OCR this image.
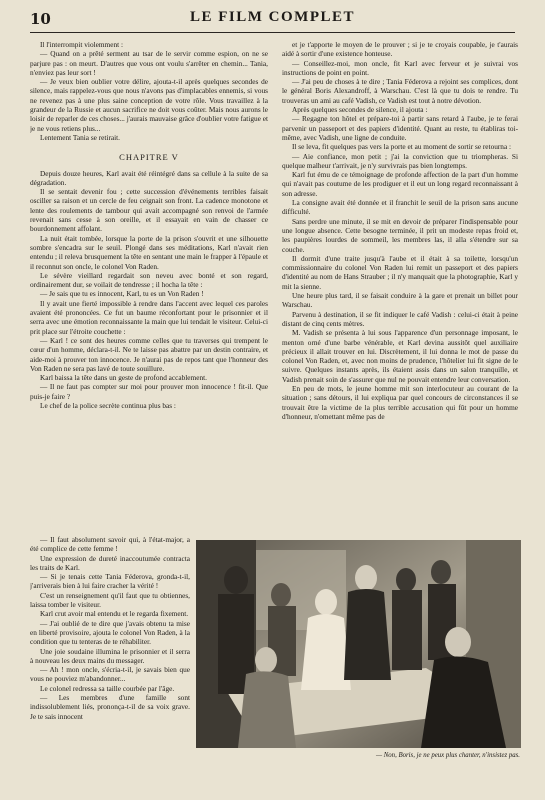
10	LE FILM COMPLET

Il l'interrompit violemment :

— Quand on a prêté serment au tsar de le servir comme espion, on ne se parjure pas : on meurt. D'autres que vous ont voulu s'arrêter en chemin... Tania, n'enviez pas leur sort !

— Je veux bien oublier votre délire, ajouta-t-il après quelques secondes de silence, mais rappelez-vous que nous n'avons pas d'implacables ennemis, si vous ne revenez pas à une plus saine conception de votre rôle. Vous travaillez à la grandeur de la Russie et aucun sacrifice ne doit vous coûter. Mais nous aurons le loisir de reparler de ces choses... j'aurais mauvaise grâce d'oublier votre fatigue et je ne vous retiens plus...

Lentement Tania se retirait.

CHAPITRE V

Depuis douze heures, Karl avait été réintégré dans sa cellule à la suite de sa dégradation.

Il se sentait devenir fou ; cette succession d'événements terribles faisait osciller sa raison et un cercle de feu ceignait son front. La cadence monotone et lente des roulements de tambour qui avait accompagné son renvoi de l'armée revenait sans cesse à son oreille, et il essayait en vain de chasser ce bourdonnement affolant.

La nuit était tombée, lorsque la porte de la prison s'ouvrit et une silhouette sombre s'encadra sur le seuil. Plongé dans ses méditations, Karl n'avait rien entendu ; il releva brusquement la tête en sentant une main le frapper à l'épaule et il reconnut son oncle, le colonel Von Raden.

Le sévère vieillard regardait son neveu avec bonté et son regard, ordinairement dur, se voilait de tendresse ; il hocha la tête :

— Je sais que tu es innocent, Karl, tu es un Von Raden !

Il y avait une fierté impossible à rendre dans l'accent avec lequel ces paroles avaient été prononcées. Ce fut un baume réconfortant pour le prisonnier et il serra avec une émotion reconnaissante la main que lui tendait le visiteur. Celui-ci prit place sur l'étroite couchette :

— Karl ! ce sont des heures comme celles que tu traverses qui trempent le cœur d'un homme, déclara-t-il. Ne te laisse pas abattre par un destin contraire, et aide-moi à prouver ton innocence. Je n'aurai pas de repos tant que l'honneur des Von Raden ne sera pas lavé de toute souillure.

Karl baissa la tête dans un geste de profond accablement.

— Il ne faut pas compter sur moi pour prouver mon innocence ! fit-il. Que puis-je faire ?

Le chef de la police secrète continua plus bas :

— Il faut absolument savoir qui, à l'état-major, a été complice de cette femme !

Une expression de dureté inaccoutumée contracta les traits de Karl.

— Si je tenais cette Tania Féderova, gronda-t-il, j'arriverais bien à lui faire cracher la vérité !

C'est un renseignement qu'il faut que tu obtiennes, laissa tomber le visiteur.

Karl crut avoir mal entendu et le regarda fixement.

— J'ai oublié de te dire que j'avais obtenu ta mise en liberté provisoire, ajouta le colonel Von Raden, à la condition que tu tenteras de te réhabiliter.

Une joie soudaine illumina le prisonnier et il serra à nouveau les deux mains du messager.

— Ah ! mon oncle, s'écria-t-il, je savais bien que vous ne pouviez m'abandonner...

Le colonel redressa sa taille courbée par l'âge.

— Les membres d'une famille sont indissolublement liés, prononça-t-il de sa voix grave. Je te sais innocent

et je t'apporte le moyen de le prouver ; si je te croyais coupable, je t'aurais aidé à sortir d'une existence honteuse.

— Conseillez-moi, mon oncle, fit Karl avec ferveur et je suivrai vos instructions de point en point.

— J'ai peu de choses à te dire ; Tania Féderova a rejoint ses complices, dont le général Boris Alexandroff, à Warschau. C'est là que tu dois te rendre. Tu trouveras un ami au café Vadish, ce Vadish est tout à notre dévotion.

Après quelques secondes de silence, il ajouta :

— Regagne ton hôtel et prépare-toi à partir sans retard à l'aube, je te ferai parvenir un passeport et des papiers d'identité. Quant au reste, tu établiras toi-même, avec Vadish, une ligne de conduite.

Il se leva, fit quelques pas vers la porte et au moment de sortir se retourna :

— Aie confiance, mon petit ; j'ai la conviction que tu triompheras. Si quelque malheur t'arrivait, je n'y survivrais pas bien longtemps.

Karl fut ému de ce témoignage de profonde affection de la part d'un homme qui n'avait pas coutume de les prodiguer et il eut un long regard reconnaissant à son adresse.

La consigne avait été donnée et il franchit le seuil de la prison sans aucune difficulté.

Sans perdre une minute, il se mit en devoir de préparer l'indispensable pour une longue absence. Cette besogne terminée, il prit un modeste repas froid et, les paupières lourdes de sommeil, les membres las, il alla s'étendre sur sa couche.

Il dormit d'une traite jusqu'à l'aube et il était à sa toilette, lorsqu'un commissionnaire du colonel Von Raden lui remit un passeport et des papiers d'identité au nom de Hans Strauber ; il n'y manquait que la photographie, Karl y mit la sienne.

Une heure plus tard, il se faisait conduire à la gare et prenait un billet pour Warschau.

Parvenu à destination, il se fit indiquer le café Vadish : celui-ci était à peine distant de cinq cents mètres.

M. Vadish se présenta à lui sous l'apparence d'un personnage imposant, le menton orné d'une barbe vénérable, et Karl devina aussitôt quel auxiliaire précieux il allait trouver en lui. Discrètement, il lui donna le mot de passe du colonel Von Raden, et, avec non moins de prudence, l'hôtelier lui fit signe de le suivre. Quelques instants après, ils étaient assis dans un salon tranquille, et Vadish prenait soin de s'assurer que nul ne pouvait entendre leur conversation.

En peu de mots, le jeune homme mit son interlocuteur au courant de la situation ; sans détours, il lui expliqua par quel concours de circonstances il se trouvait être la victime de la plus terrible accusation qui fût pour un homme d'honneur, n'omettant même pas de

— Non, Boris, je ne peux plus chanter, n'insistez pas.
